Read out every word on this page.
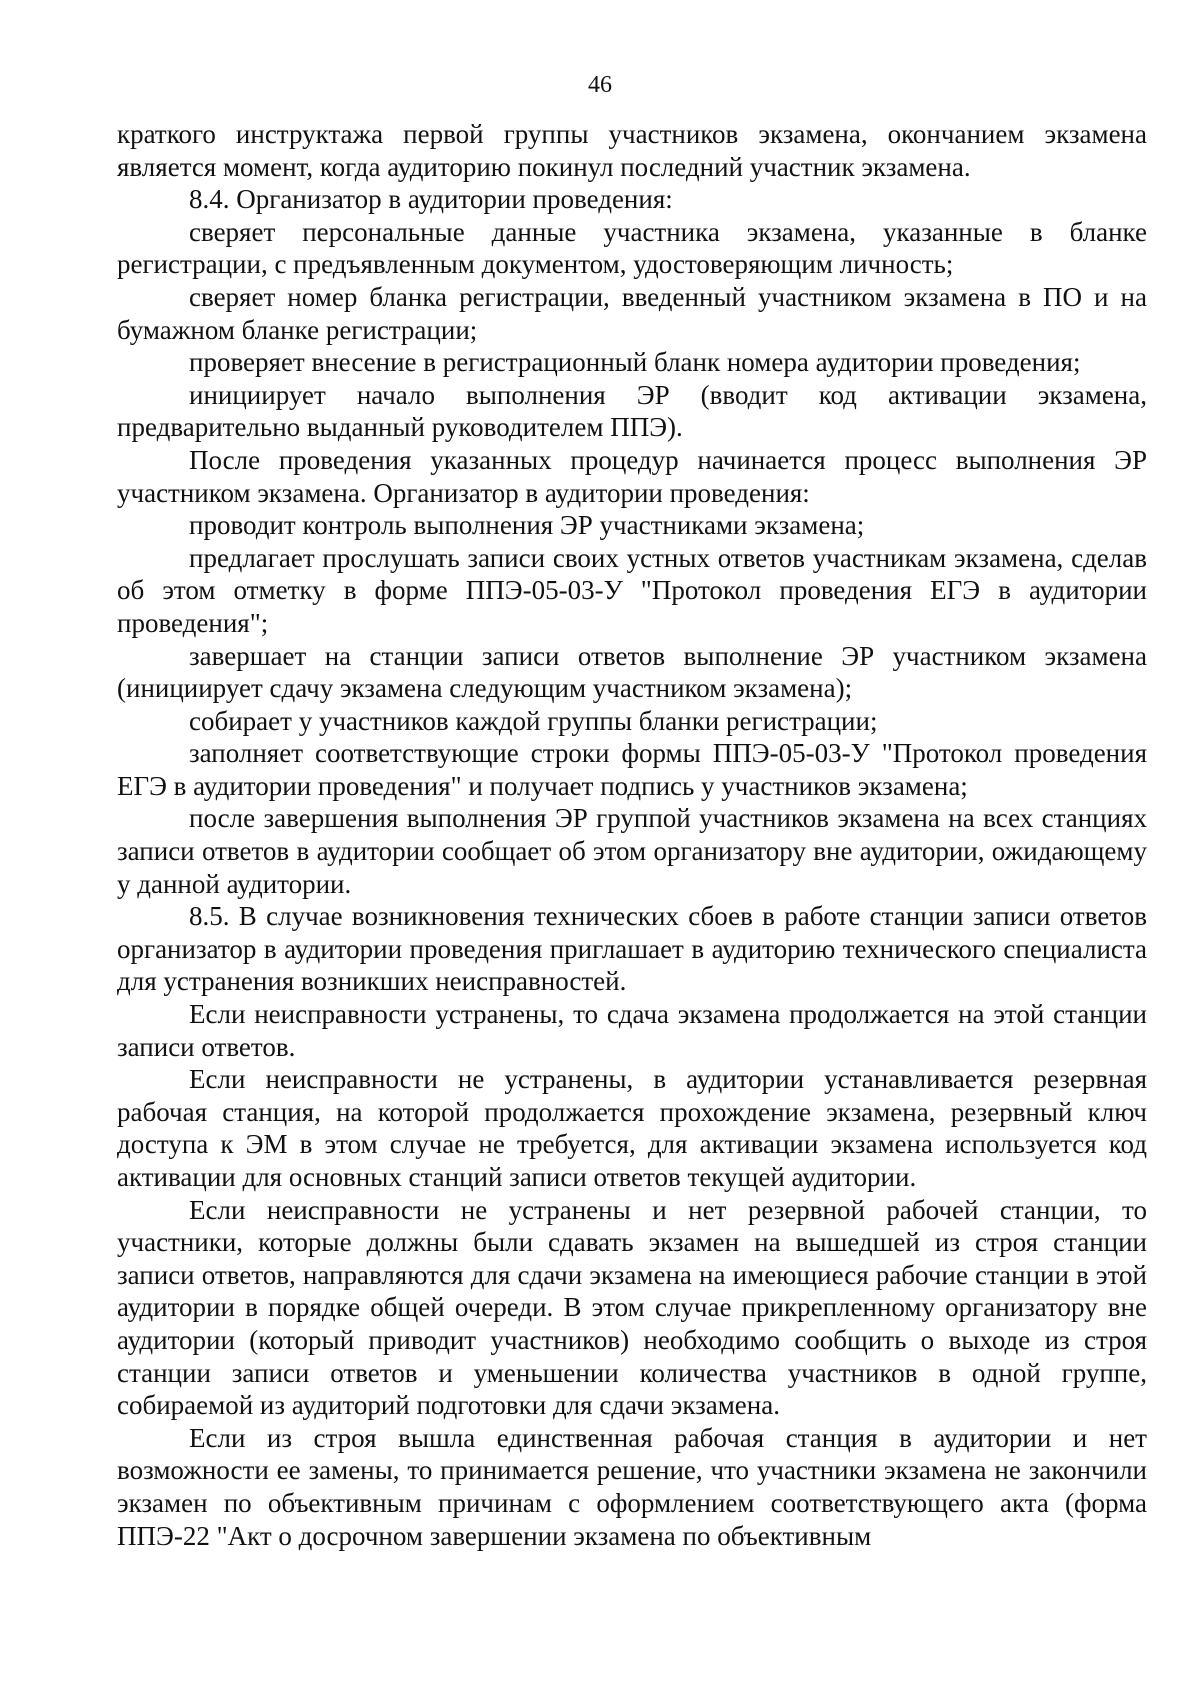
46

краткого инструктажа первой группы участников экзамена, окончанием экзамена является момент, когда аудиторию покинул последний участник экзамена.

8.4. Организатор в аудитории проведения:

сверяет персональные данные участника экзамена, указанные в бланке регистрации, с предъявленным документом, удостоверяющим личность;

сверяет номер бланка регистрации, введенный участником экзамена в ПО и на бумажном бланке регистрации;

проверяет внесение в регистрационный бланк номера аудитории проведения;

инициирует начало выполнения ЭР (вводит код активации экзамена, предварительно выданный руководителем ППЭ).

После проведения указанных процедур начинается процесс выполнения ЭР участником экзамена. Организатор в аудитории проведения:

проводит контроль выполнения ЭР участниками экзамена;

предлагает прослушать записи своих устных ответов участникам экзамена, сделав об этом отметку в форме ППЭ-05-03-У "Протокол проведения ЕГЭ в аудитории проведения";

завершает на станции записи ответов выполнение ЭР участником экзамена (инициирует сдачу экзамена следующим участником экзамена);

собирает у участников каждой группы бланки регистрации;

заполняет соответствующие строки формы ППЭ-05-03-У "Протокол проведения ЕГЭ в аудитории проведения" и получает подпись у участников экзамена;

после завершения выполнения ЭР группой участников экзамена на всех станциях записи ответов в аудитории сообщает об этом организатору вне аудитории, ожидающему у данной аудитории.

8.5. В случае возникновения технических сбоев в работе станции записи ответов организатор в аудитории проведения приглашает в аудиторию технического специалиста для устранения возникших неисправностей.

Если неисправности устранены, то сдача экзамена продолжается на этой станции записи ответов.

Если неисправности не устранены, в аудитории устанавливается резервная рабочая станция, на которой продолжается прохождение экзамена, резервный ключ доступа к ЭМ в этом случае не требуется, для активации экзамена используется код активации для основных станций записи ответов текущей аудитории.

Если неисправности не устранены и нет резервной рабочей станции, то участники, которые должны были сдавать экзамен на вышедшей из строя станции записи ответов, направляются для сдачи экзамена на имеющиеся рабочие станции в этой аудитории в порядке общей очереди. В этом случае прикрепленному организатору вне аудитории (который приводит участников) необходимо сообщить о выходе из строя станции записи ответов и уменьшении количества участников в одной группе, собираемой из аудиторий подготовки для сдачи экзамена.

Если из строя вышла единственная рабочая станция в аудитории и нет возможности ее замены, то принимается решение, что участники экзамена не закончили экзамен по объективным причинам с оформлением соответствующего акта (форма ППЭ-22 "Акт о досрочном завершении экзамена по объективным
